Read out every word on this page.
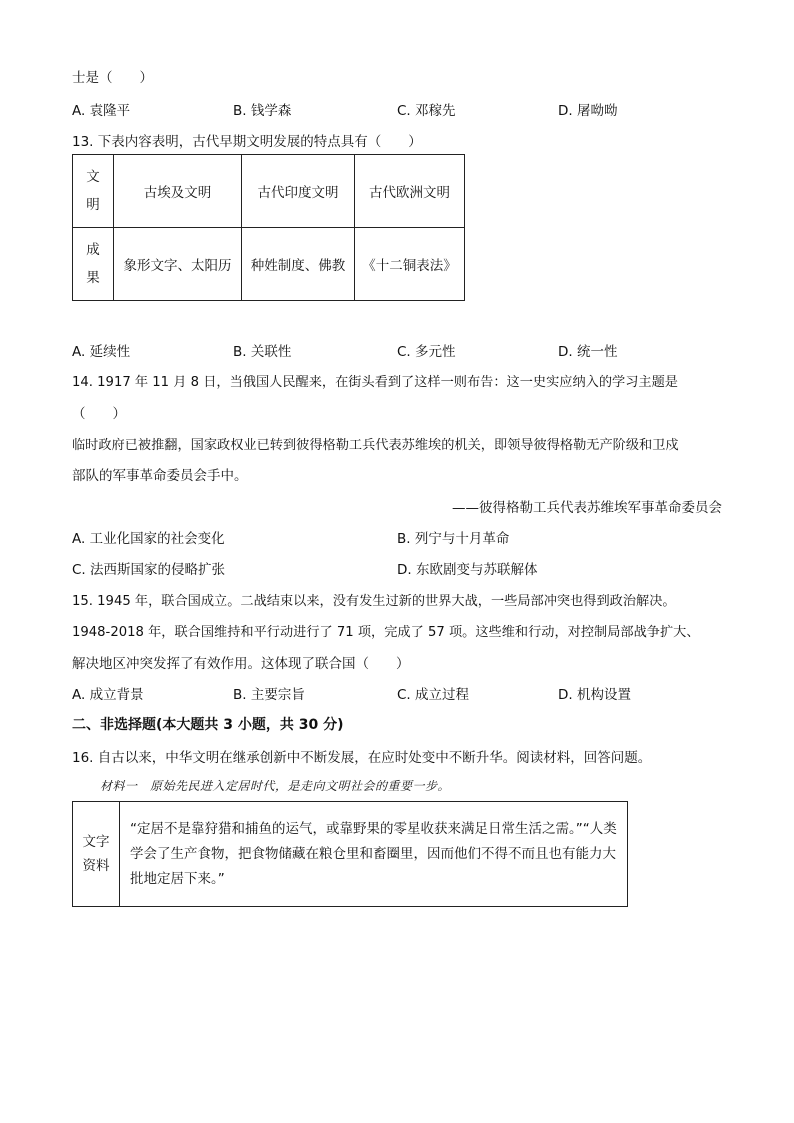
士是（　　）
A. 袁隆平	B. 钱学森	C. 邓稼先	D. 屠呦呦
13. 下表内容表明，古代早期文明发展的特点具有（　　）
文
明	古埃及文明	古代印度文明	古代欧洲文明

成
果	象形文字、太阳历	种姓制度、佛教	《十二铜表法》
A. 延续性	B. 关联性	C. 多元性	D. 统一性
14. 1917 年 11 月 8 日，当俄国人民醒来，在街头看到了这样一则布告：这一史实应纳入的学习主题是
（　　）
临时政府已被推翻，国家政权业已转到彼得格勒工兵代表苏维埃的机关，即领导彼得格勒无产阶级和卫戍
部队的军事革命委员会手中。
——彼得格勒工兵代表苏维埃军事革命委员会
A. 工业化国家的社会变化	B. 列宁与十月革命
C. 法西斯国家的侵略扩张	D. 东欧剧变与苏联解体
15. 1945 年，联合国成立。二战结束以来，没有发生过新的世界大战，一些局部冲突也得到政治解决。
1948-2018 年，联合国维持和平行动进行了 71 项，完成了 57 项。这些维和行动，对控制局部战争扩大、
解决地区冲突发挥了有效作用。这体现了联合国（　　）
A. 成立背景	B. 主要宗旨	C. 成立过程	D. 机构设置
二、非选择题(本大题共 3 小题，共 30 分)
16. 自古以来，中华文明在继承创新中不断发展，在应时处变中不断升华。阅读材料，回答问题。
材料一　原始先民进入定居时代，是走向文明社会的重要一步。
文字
资料
	“定居不是靠狩猎和捕鱼的运气，或靠野果的零星收获来满足日常生活之需。”“人类学会了生产食物，把食物储藏在粮仓里和畜圈里，因而他们不得不而且也有能力大批地定居下来。”
